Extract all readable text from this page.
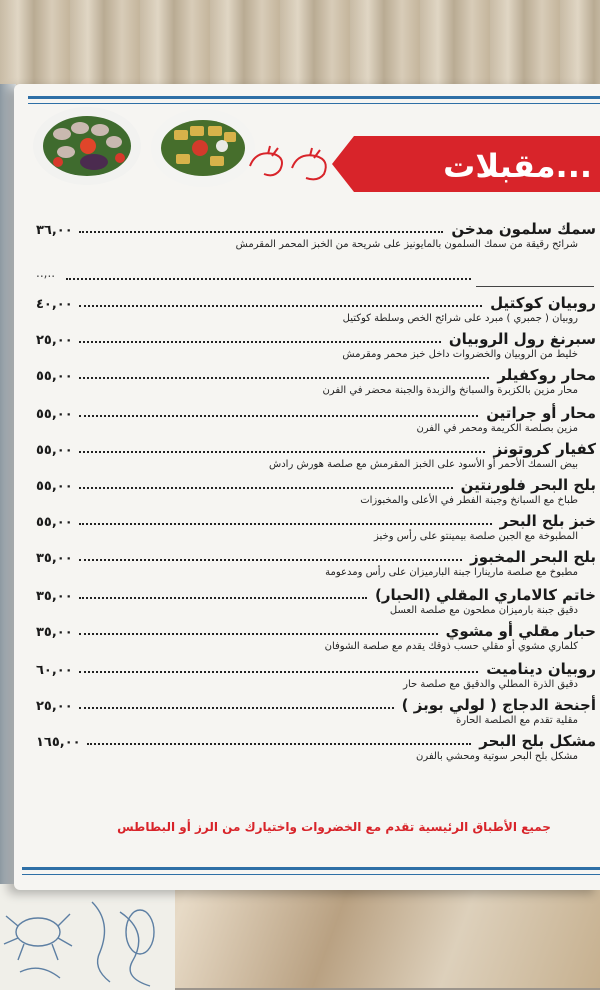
...مقبلات
سمك سلمون مدخن
٣٦,٠٠
شرائح رقيقة من سمك السلمون بالمايونيز على شريحة من الخبز المحمر المقرمش
..,..
روبيان كوكتيل
٤٠,٠٠
روبيان ( جمبري ) مبرد على شرائح الخص وسلطة كوكتيل
سبرنغ رول الروبيان
٢٥,٠٠
خليط من الروبيان والخضروات داخل خبز محمر ومقرمش
محار روكفيلر
٥٥,٠٠
محار مزين بالكزبرة والسبانخ والزبدة والجبنة محضر في الفرن
محار أو جراتين
٥٥,٠٠
مزين بصلصة الكريمة ومحمر في الفرن
كفيار كروتونز
٥٥,٠٠
بيض السمك الأحمر أو الأسود على الخبز المقرمش مع صلصة هورش رادش
بلح البحر فلورنتين
٥٥,٠٠
طباخ مع السبانخ وجبنة الفطر في الأعلى والمخبوزات
خبز بلح البحر
٥٥,٠٠
المطبوخة مع الجبن صلصة بيمينتو على رأس وخبز
بلح البحر المخبوز
٣٥,٠٠
مطبوخ مع صلصة مارينارا جبنة البارميزان على رأس ومدعومة
خاتم كالاماري المقلي (الحبار)
٣٥,٠٠
دقيق جبنة بارميزان مطحون مع صلصة العسل
حبار مقلي أو مشوي
٣٥,٠٠
كلماري مشوي أو مقلي حسب ذوقك يقدم مع صلصة الشوفان
روبيان ديناميت
٦٠,٠٠
دقيق الذرة المطلي والدقيق مع صلصة حار
أجنحة الدجاج ( لولي بوبز )
٢٥,٠٠
مقلية تقدم مع الصلصة الحارة
مشكل بلح البحر
١٦٥,٠٠
مشكل بلح البحر سوتية ومحشي بالفرن
جميع الأطباق الرئيسية تقدم مع الخضروات واختيارك من الرز أو البطاطس
